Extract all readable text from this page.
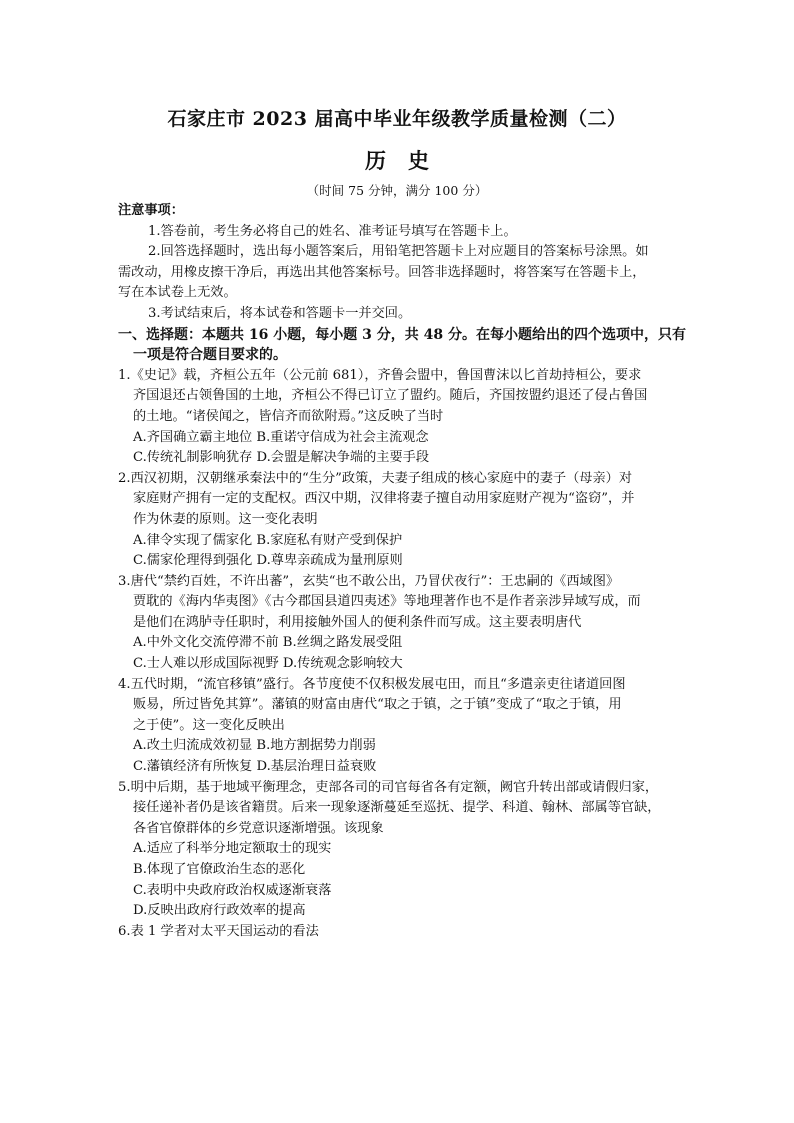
石家庄市 2023 届高中毕业年级教学质量检测（二）
历史
（时间 75 分钟，满分 100 分）
注意事项：
1.答卷前，考生务必将自己的姓名、准考证号填写在答题卡上。
2.回答选择题时，选出每小题答案后，用铅笔把答题卡上对应题目的答案标号涂黑。如
需改动，用橡皮擦干净后，再选出其他答案标号。回答非选择题时，将答案写在答题卡上，
写在本试卷上无效。
3.考试结束后，将本试卷和答题卡一并交回。
一、选择题：本题共 16 小题，每小题 3 分，共 48 分。在每小题给出的四个选项中，只有
一项是符合题目要求的。
1.《史记》载，齐桓公五年（公元前 681），齐鲁会盟中，鲁国曹沫以匕首劫持桓公，要求
齐国退还占领鲁国的土地，齐桓公不得已订立了盟约。随后，齐国按盟约退还了侵占鲁国
的土地。“诸侯闻之，皆信齐而欲附焉。”这反映了当时
A.齐国确立霸主地位 B.重诺守信成为社会主流观念
C.传统礼制影响犹存 D.会盟是解决争端的主要手段
2.西汉初期，汉朝继承秦法中的“生分”政策，夫妻子组成的核心家庭中的妻子（母亲）对
家庭财产拥有一定的支配权。西汉中期，汉律将妻子擅自动用家庭财产视为“盗窃”，并
作为休妻的原则。这一变化表明
A.律令实现了儒家化 B.家庭私有财产受到保护
C.儒家伦理得到强化 D.尊卑亲疏成为量刑原则
3.唐代“禁约百姓，不许出蕃”，玄奘“也不敢公出，乃冒伏夜行”：王忠嗣的《西域图》
贾耽的《海内华夷图》《古今郡国县道四夷述》等地理著作也不是作者亲涉异域写成，而
是他们在鸿胪寺任职时，利用接触外国人的便利条件而写成。这主要表明唐代
A.中外文化交流停滞不前 B.丝绸之路发展受阻
C.士人难以形成国际视野 D.传统观念影响较大
4.五代时期，“流官移镇”盛行。各节度使不仅积极发展屯田，而且“多遣亲吏往诸道回图
贩易，所过皆免其算”。藩镇的财富由唐代“取之于镇，之于镇”变成了“取之于镇，用
之于使”。这一变化反映出
A.改土归流成效初显 B.地方割据势力削弱
C.藩镇经济有所恢复 D.基层治理日益衰败
5.明中后期，基于地域平衡理念，吏部各司的司官每省各有定额，阙官升转出部或请假归家，
接任递补者仍是该省籍贯。后来一现象逐渐蔓延至巡抚、提学、科道、翰林、部属等官缺，
各省官僚群体的乡党意识逐渐增强。该现象
A.适应了科举分地定额取士的现实
B.体现了官僚政治生态的恶化
C.表明中央政府政治权威逐渐衰落
D.反映出政府行政效率的提高
6.表 1 学者对太平天国运动的看法
